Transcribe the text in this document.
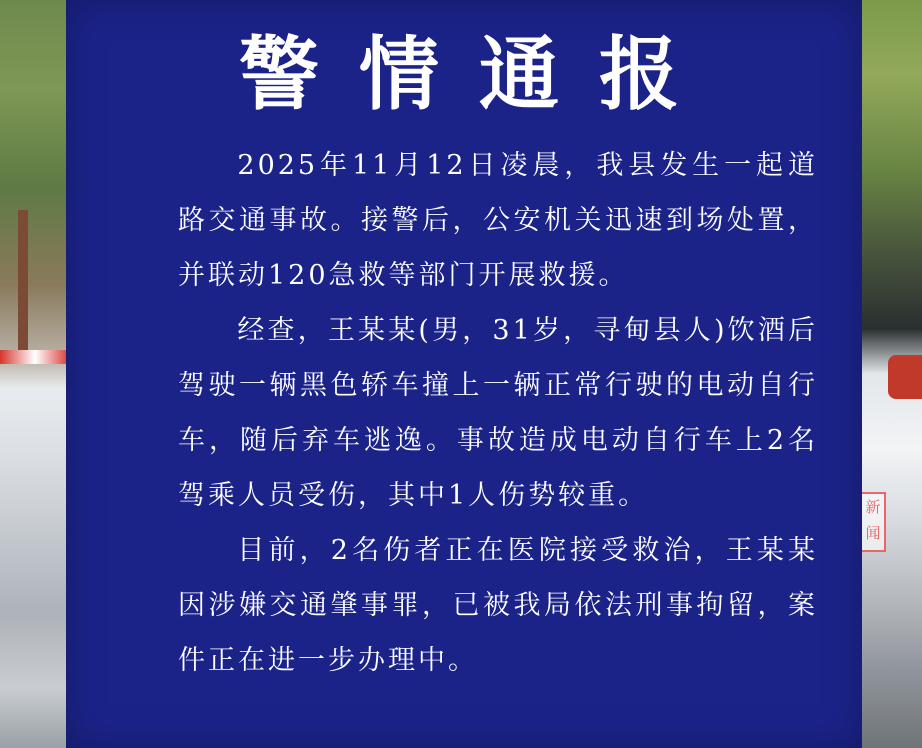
新闻
警情通报

2025年11月12日凌晨，我县发生一起道路交通事故。接警后，公安机关迅速到场处置，并联动120急救等部门开展救援。

经查，王某某(男，31岁，寻甸县人)饮酒后驾驶一辆黑色轿车撞上一辆正常行驶的电动自行车，随后弃车逃逸。事故造成电动自行车上2名驾乘人员受伤，其中1人伤势较重。

目前，2名伤者正在医院接受救治，王某某因涉嫌交通肇事罪，已被我局依法刑事拘留，案件正在进一步办理中。
